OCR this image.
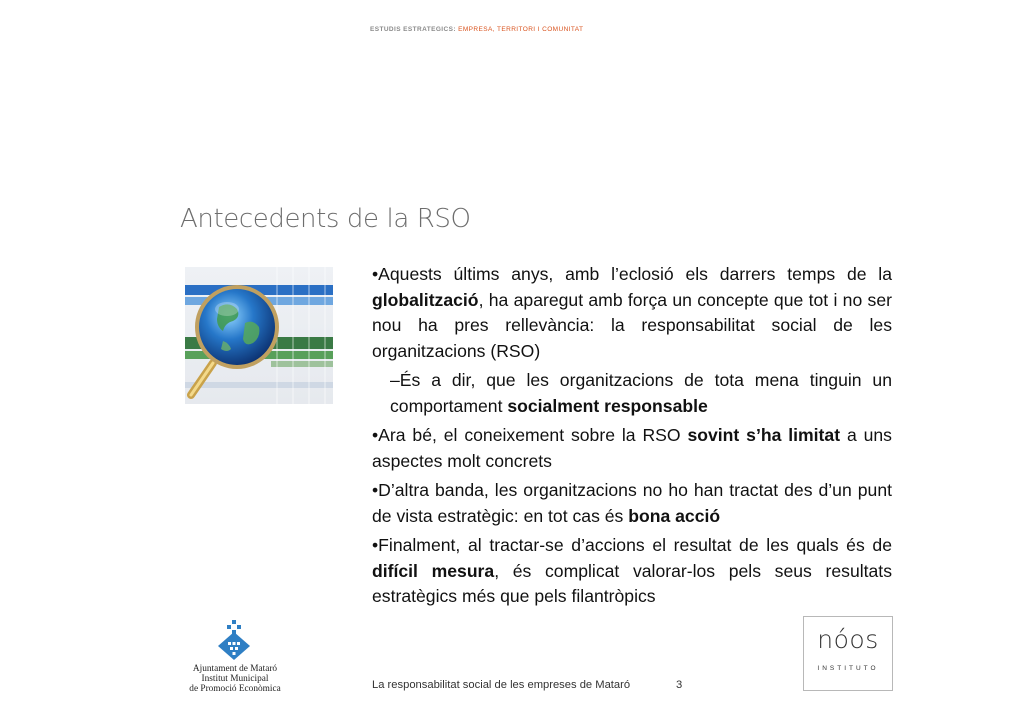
ESTUDIS ESTRATEGICS: EMPRESA, TERRITORI I COMUNITAT
Antecedents de la RSO

•Aquests últims anys, amb l’eclosió els darrers temps de la globalització, ha aparegut amb força un concepte que tot i no ser nou ha pres rellevància: la responsabilitat social de les organitzacions (RSO)

–És a dir, que les organitzacions de tota mena tinguin un comportament socialment responsable

•Ara bé, el coneixement sobre la RSO sovint s’ha limitat a uns aspectes molt concrets

•D’altra banda, les organitzacions no ho han tractat des d’un punt de vista estratègic: en tot cas és bona acció

•Finalment, al tractar-se d’accions el resultat de les quals és de difícil mesura, és complicat valorar-los pels seus resultats estratègics més que pels filantròpics

Ajuntament de Mataró
Institut Municipal
de Promoció Econòmica
nóos
INSTITUTO
La responsabilitat social de les empreses de Mataró	3
